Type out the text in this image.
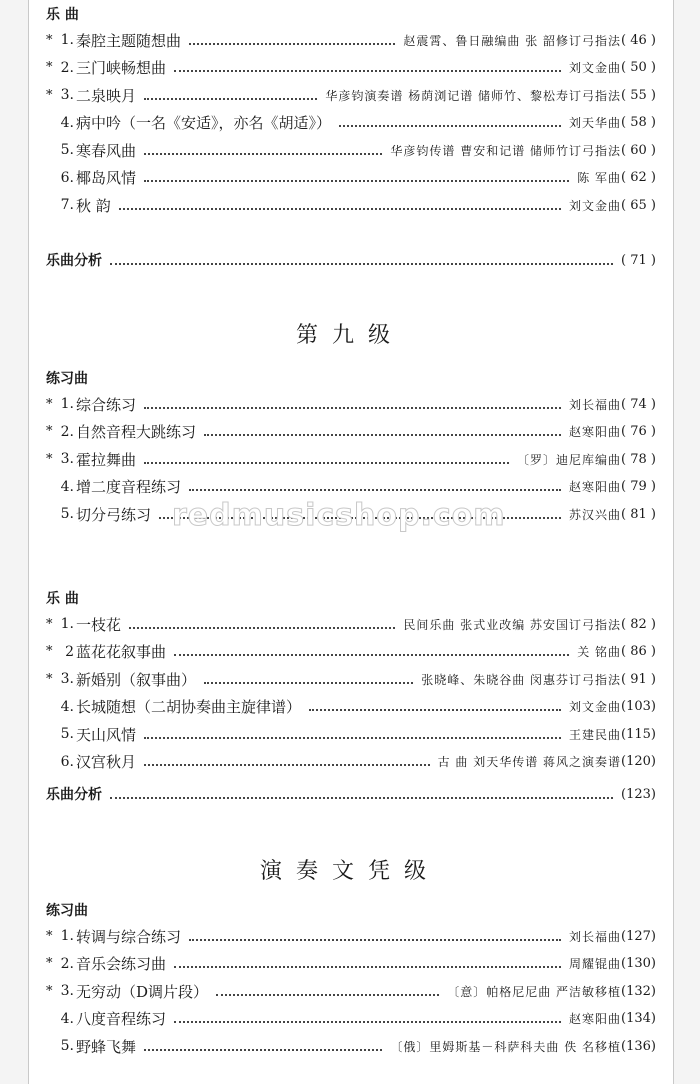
乐 曲
* 1. 秦腔主题随想曲	赵震霄、鲁日融编曲 张 韶修订弓指法 ( 46 )
* 2. 三门峡畅想曲	刘文金曲 ( 50 )
* 3. 二泉映月	华彦钧演奏谱 杨荫浏记谱 储师竹、黎松寿订弓指法 ( 55 )
4. 病中吟（一名《安适》，亦名《胡适》）	刘天华曲 ( 58 )
5. 寒春风曲	华彦钧传谱 曹安和记谱 储师竹订弓指法 ( 60 )
6. 椰岛风情	陈 军曲 ( 62 )
7. 秋 韵	刘文金曲 ( 65 )
乐曲分析	( 71 )
第九级
练习曲
* 1. 综合练习	刘长福曲 ( 74 )
* 2. 自然音程大跳练习	赵寒阳曲 ( 76 )
* 3. 霍拉舞曲	〔罗〕迪尼库编曲 ( 78 )
4. 增二度音程练习	赵寒阳曲 ( 79 )
5. 切分弓练习	苏汉兴曲 ( 81 )
乐 曲
* 1. 一枝花	民间乐曲 张式业改编 苏安国订弓指法 ( 82 )
* 2 蓝花花叙事曲	关 铭曲 ( 86 )
* 3. 新婚别（叙事曲）	张晓峰、朱晓谷曲 闵惠芬订弓指法 ( 91 )
4. 长城随想（二胡协奏曲主旋律谱）	刘文金曲 (103)
5. 天山风情	王建民曲 (115)
6. 汉宫秋月	古 曲 刘天华传谱 蒋风之演奏谱 (120)
乐曲分析	(123)
演奏文凭级
练习曲
* 1. 转调与综合练习	刘长福曲 (127)
* 2. 音乐会练习曲	周耀锟曲 (130)
* 3. 无穷动（D调片段）	〔意〕帕格尼尼曲 严洁敏移植 (132)
4. 八度音程练习	赵寒阳曲 (134)
5. 野蜂飞舞	〔俄〕里姆斯基－科萨科夫曲 佚 名移植 (136)
redmusicshop.com
